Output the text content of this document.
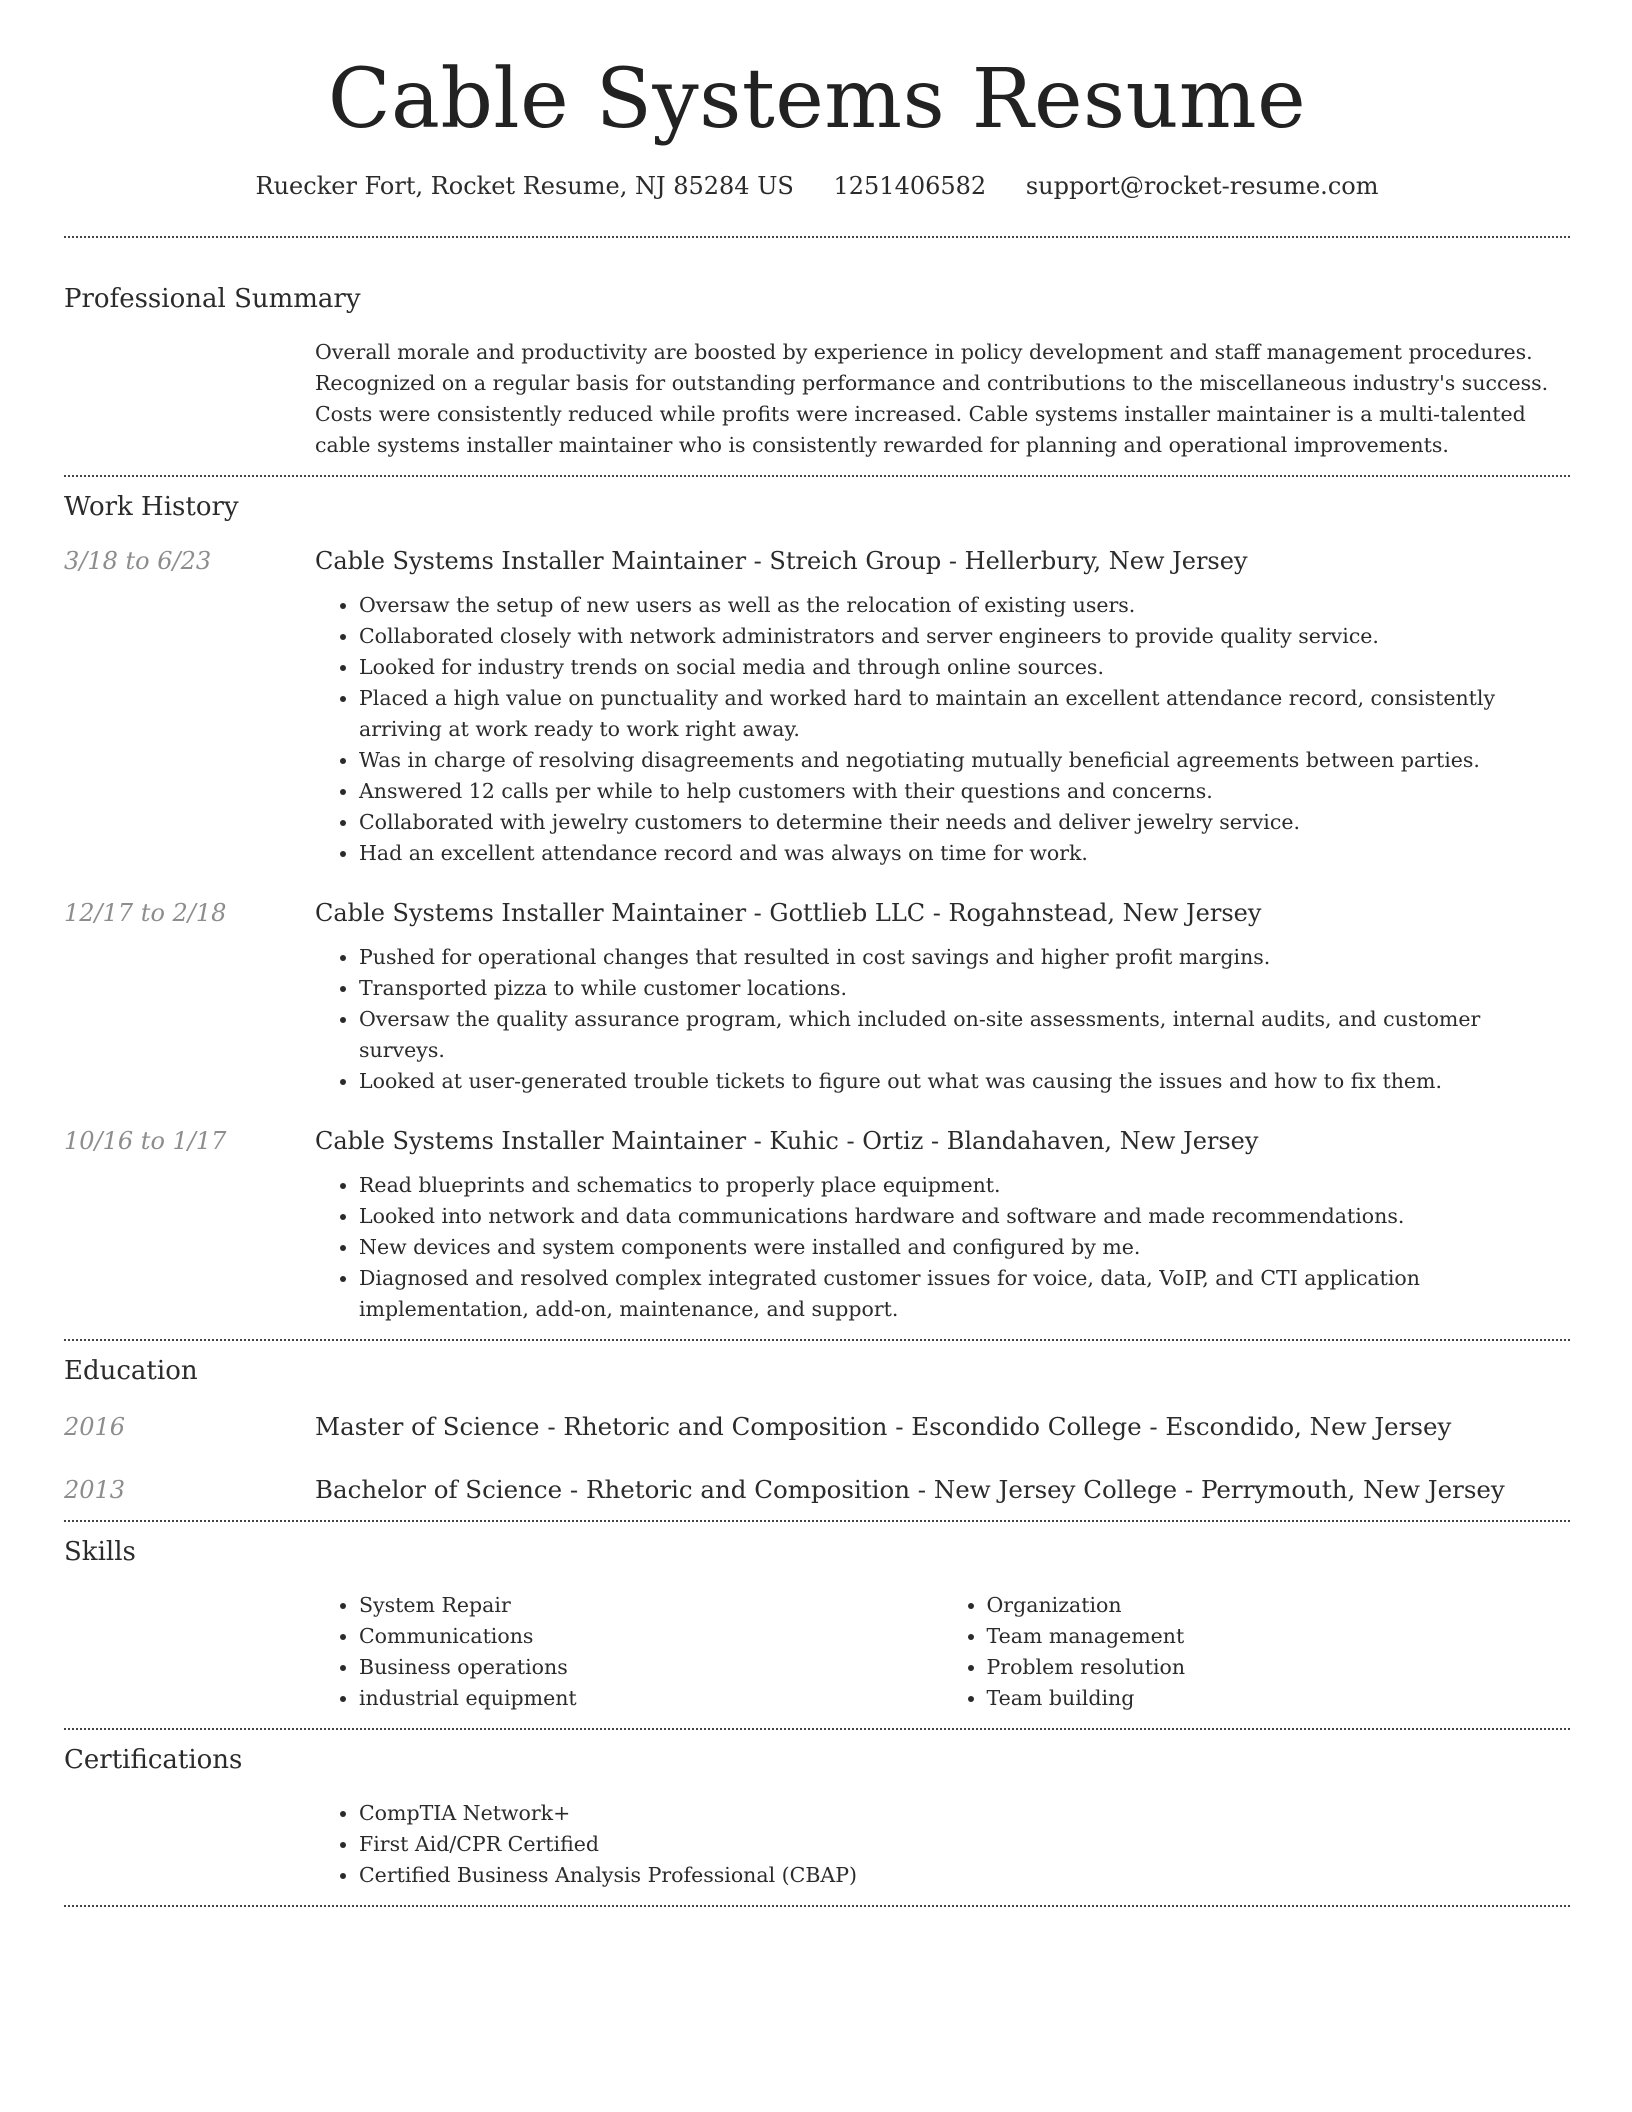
Cable Systems Resume
Ruecker Fort, Rocket Resume, NJ 85284 US 1251406582 support@rocket-resume.com
Professional Summary

Overall morale and productivity are boosted by experience in policy development and staff management procedures. Recognized on a regular basis for outstanding performance and contributions to the miscellaneous industry's success. Costs were consistently reduced while profits were increased. Cable systems installer maintainer is a multi-talented cable systems installer maintainer who is consistently rewarded for planning and operational improvements.

Work History
3/18 to 6/23	Cable Systems Installer Maintainer - Streich Group - Hellerbury, New Jersey
• Oversaw the setup of new users as well as the relocation of existing users.
• Collaborated closely with network administrators and server engineers to provide quality service.
• Looked for industry trends on social media and through online sources.
• Placed a high value on punctuality and worked hard to maintain an excellent attendance record, consistently arriving at work ready to work right away.
• Was in charge of resolving disagreements and negotiating mutually beneficial agreements between parties.
• Answered 12 calls per while to help customers with their questions and concerns.
• Collaborated with jewelry customers to determine their needs and deliver jewelry service.
• Had an excellent attendance record and was always on time for work.
12/17 to 2/18	Cable Systems Installer Maintainer - Gottlieb LLC - Rogahnstead, New Jersey
• Pushed for operational changes that resulted in cost savings and higher profit margins.
• Transported pizza to while customer locations.
• Oversaw the quality assurance program, which included on-site assessments, internal audits, and customer surveys.
• Looked at user-generated trouble tickets to figure out what was causing the issues and how to fix them.
10/16 to 1/17	Cable Systems Installer Maintainer - Kuhic - Ortiz - Blandahaven, New Jersey
• Read blueprints and schematics to properly place equipment.
• Looked into network and data communications hardware and software and made recommendations.
• New devices and system components were installed and configured by me.
• Diagnosed and resolved complex integrated customer issues for voice, data, VoIP, and CTI application implementation, add-on, maintenance, and support.
Education
2016	Master of Science - Rhetoric and Composition - Escondido College - Escondido, New Jersey
2013	Bachelor of Science - Rhetoric and Composition - New Jersey College - Perrymouth, New Jersey
Skills
• System Repair
• Communications
• Business operations
• industrial equipment
• Organization
• Team management
• Problem resolution
• Team building
Certifications
• CompTIA Network+
• First Aid/CPR Certified
• Certified Business Analysis Professional (CBAP)
